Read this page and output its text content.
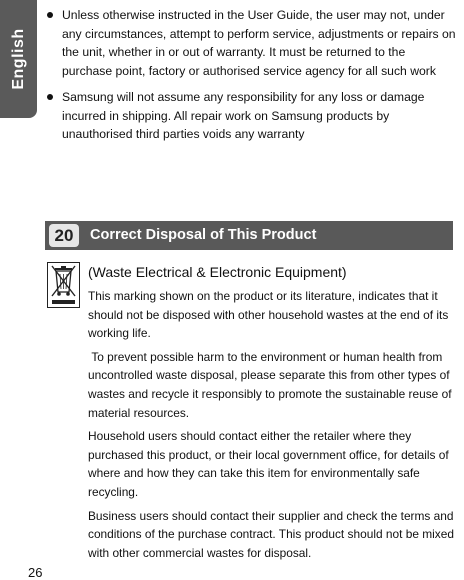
English
Unless otherwise instructed in the User Guide, the user may not, under any circumstances, attempt to perform service, adjustments or repairs on the unit, whether in or out of warranty. It must be returned to the purchase point, factory or authorised service agency for all such work
Samsung will not assume any responsibility for any loss or damage incurred in shipping. All repair work on Samsung products by unauthorised third parties voids any warranty
20	Correct Disposal of This Product

(Waste Electrical & Electronic Equipment)

This marking shown on the product or its literature, indicates that it should not be disposed with other household wastes at the end of its working life.

To prevent possible harm to the environment or human health from uncontrolled waste disposal, please separate this from other types of wastes and recycle it responsibly to promote the sustainable reuse of material resources.

Household users should contact either the retailer where they purchased this product, or their local government office, for details of where and how they can take this item for environmentally safe recycling.

Business users should contact their supplier and check the terms and conditions of the purchase contract. This product should not be mixed with other commercial wastes for disposal.

26
